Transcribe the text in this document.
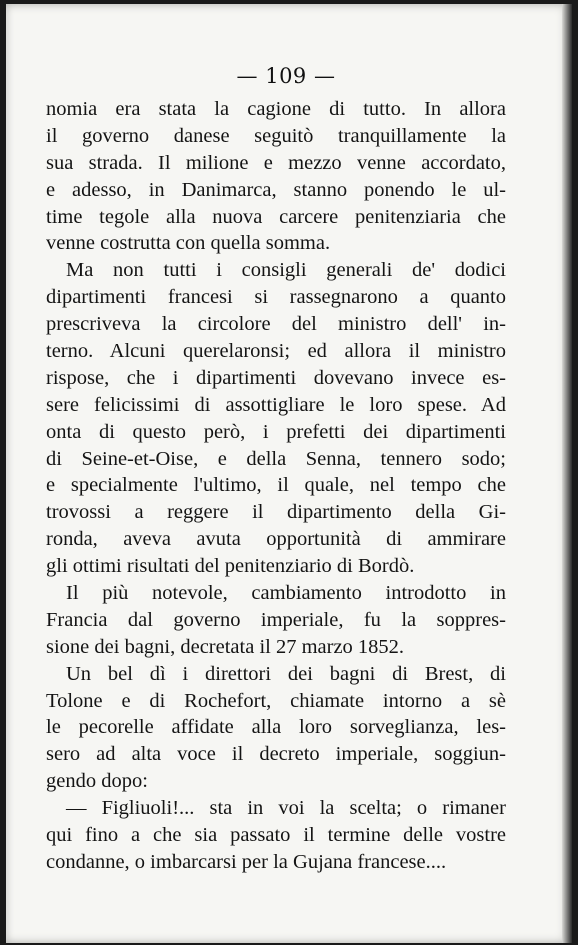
— 109 —
nomia era stata la cagione di tutto. In allora
il governo danese seguitò tranquillamente la
sua strada. Il milione e mezzo venne accordato,
e adesso, in Danimarca, stanno ponendo le ul-
time tegole alla nuova carcere penitenziaria che
venne costrutta con quella somma.
Ma non tutti i consigli generali de' dodici
dipartimenti francesi si rassegnarono a quanto
prescriveva la circolore del ministro dell' in-
terno. Alcuni querelaronsi; ed allora il ministro
rispose, che i dipartimenti dovevano invece es-
sere felicissimi di assottigliare le loro spese. Ad
onta di questo però, i prefetti dei dipartimenti
di Seine-et-Oise, e della Senna, tennero sodo;
e specialmente l'ultimo, il quale, nel tempo che
trovossi a reggere il dipartimento della Gi-
ronda, aveva avuta opportunità di ammirare
gli ottimi risultati del penitenziario di Bordò.
Il più notevole, cambiamento introdotto in
Francia dal governo imperiale, fu la soppres-
sione dei bagni, decretata il 27 marzo 1852.
Un bel dì i direttori dei bagni di Brest, di
Tolone e di Rochefort, chiamate intorno a sè
le pecorelle affidate alla loro sorveglianza, les-
sero ad alta voce il decreto imperiale, soggiun-
gendo dopo:
— Figliuoli!... sta in voi la scelta; o rimaner
qui fino a che sia passato il termine delle vostre
condanne, o imbarcarsi per la Gujana francese....
